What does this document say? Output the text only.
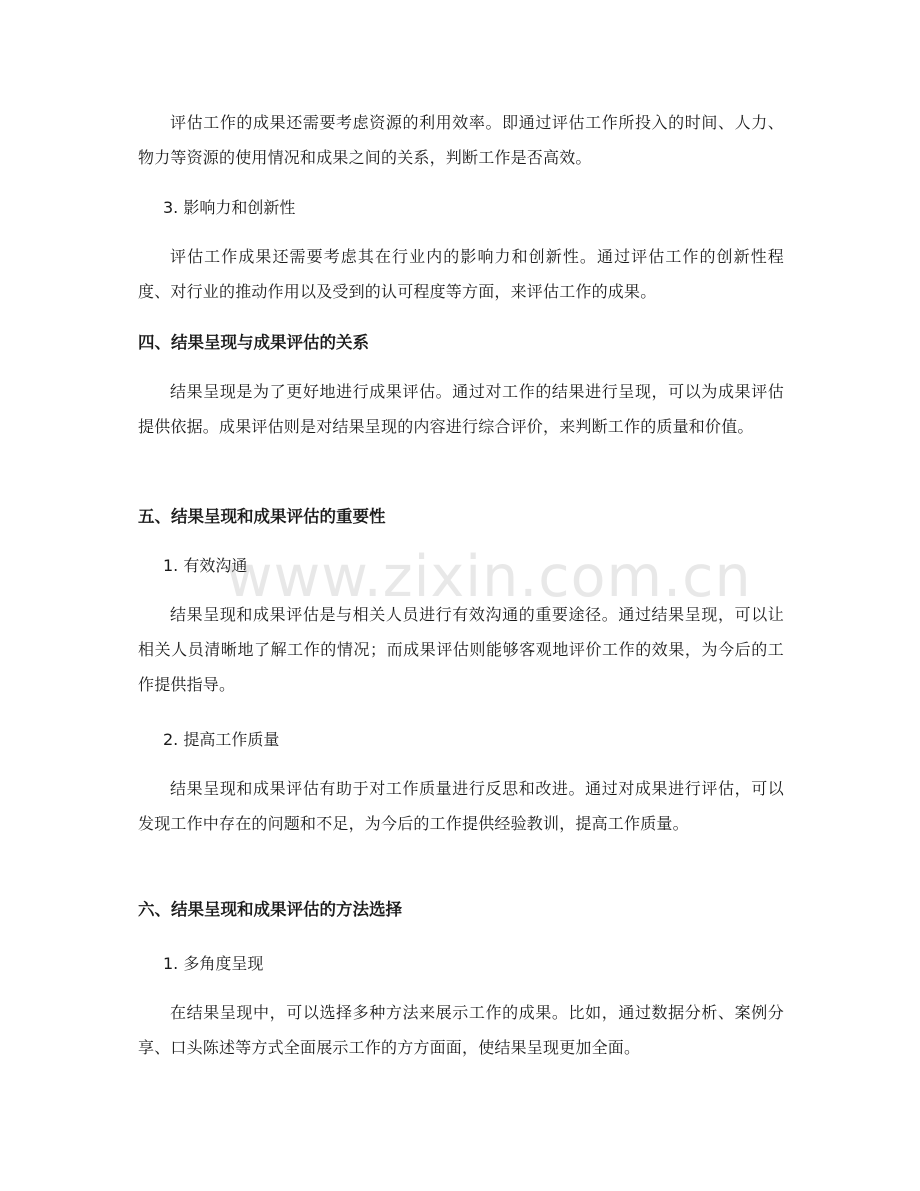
评估工作的成果还需要考虑资源的利用效率。即通过评估工作所投入的时间、人力、物力等资源的使用情况和成果之间的关系，判断工作是否高效。

3. 影响力和创新性

评估工作成果还需要考虑其在行业内的影响力和创新性。通过评估工作的创新性程度、对行业的推动作用以及受到的认可程度等方面，来评估工作的成果。

四、结果呈现与成果评估的关系

结果呈现是为了更好地进行成果评估。通过对工作的结果进行呈现，可以为成果评估提供依据。成果评估则是对结果呈现的内容进行综合评价，来判断工作的质量和价值。

五、结果呈现和成果评估的重要性

1. 有效沟通

结果呈现和成果评估是与相关人员进行有效沟通的重要途径。通过结果呈现，可以让相关人员清晰地了解工作的情况；而成果评估则能够客观地评价工作的效果，为今后的工作提供指导。

2. 提高工作质量

结果呈现和成果评估有助于对工作质量进行反思和改进。通过对成果进行评估，可以发现工作中存在的问题和不足，为今后的工作提供经验教训，提高工作质量。

六、结果呈现和成果评估的方法选择

1. 多角度呈现

在结果呈现中，可以选择多种方法来展示工作的成果。比如，通过数据分析、案例分享、口头陈述等方式全面展示工作的方方面面，使结果呈现更加全面。

www.zixin.com.cn
